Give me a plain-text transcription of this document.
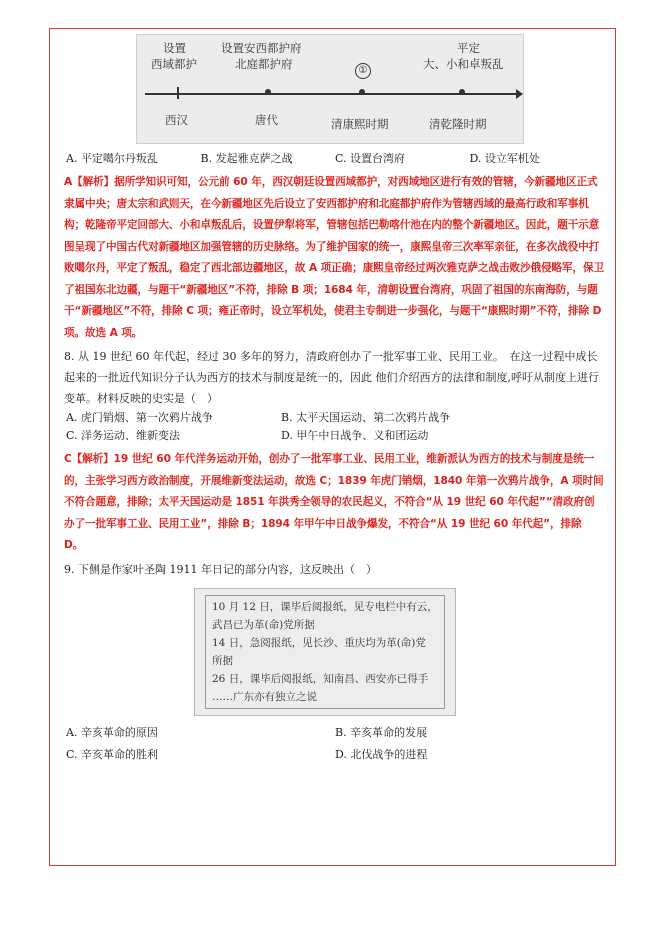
设置
西域都护
设置安西都护府
北庭都护府	①
平定
大、小和卓叛乱
西汉	唐代	清康熙时期	清乾隆时期
A. 平定噶尔丹叛乱	B. 发起雅克萨之战	C. 设置台湾府	D. 设立军机处
A【解析】据所学知识可知，公元前 60 年，西汉朝廷设置西域都护，对西域地区进行有效的管辖，今新疆地区正式隶属中央；唐太宗和武则天，在今新疆地区先后设立了安西都护府和北庭都护府作为管辖西域的最高行政和军事机构；乾隆帝平定回部大、小和卓叛乱后，设置伊犁将军，管辖包括巴勒喀什池在内的整个新疆地区。因此，题干示意图呈现了中国古代对新疆地区加强管辖的历史脉络。为了维护国家的统一，康熙皇帝三次率军亲征，在多次战役中打败噶尔丹，平定了叛乱，稳定了西北部边疆地区，故 A 项正确；康熙皇帝经过两次雅克萨之战击败沙俄侵略军，保卫了祖国东北边疆，与题干“新疆地区”不符，排除 B 项；1684 年，清朝设置台湾府，巩固了祖国的东南海防，与题干“新疆地区”不符，排除 C 项；雍正帝时，设立军机处，使君主专制进一步强化，与题干“康熙时期”不符，排除 D 项。故选 A 项。
8. 从 19 世纪 60 年代起，经过 30 多年的努力，清政府创办了一批军事工业、民用工业。　在这一过程中成长起来的一批近代知识分子认为西方的技术与制度是统一的，因此 他们介绍西方的法律和制度,呼吁从制度上进行变革。材料反映的史实是（　）
A. 虎门销烟、第一次鸦片战争	B. 太平天国运动、第二次鸦片战争
C. 洋务运动、维新变法	D. 甲午中日战争、义和团运动
C【解析】19 世纪 60 年代洋务运动开始，创办了一批军事工业、民用工业，维新派认为西方的技术与制度是统一的，主张学习西方政治制度，开展维新变法运动，故选 C；1839 年虎门销烟，1840 年第一次鸦片战争，A 项时间不符合题意，排除；太平天国运动是 1851 年洪秀全领导的农民起义，不符合“从 19 世纪 60 年代起”“清政府创办了一批军事工业、民用工业”，排除 B；1894 年甲午中日战争爆发，不符合“从 19 世纪 60 年代起”，排除 D。
9. 下侧是作家叶圣陶 1911 年日记的部分内容，这反映出（　）
10 月 12 日，课毕后阅报纸，见专电栏中有云，
武昌已为革(命)党所据
14 日，急阅报纸，见长沙、重庆均为革(命)党
所据
26 日，课毕后阅报纸，知南昌、西安亦已得手
……广东亦有独立之说
A. 辛亥革命的原因	B. 辛亥革命的发展
C. 辛亥革命的胜利	D. 北伐战争的进程
